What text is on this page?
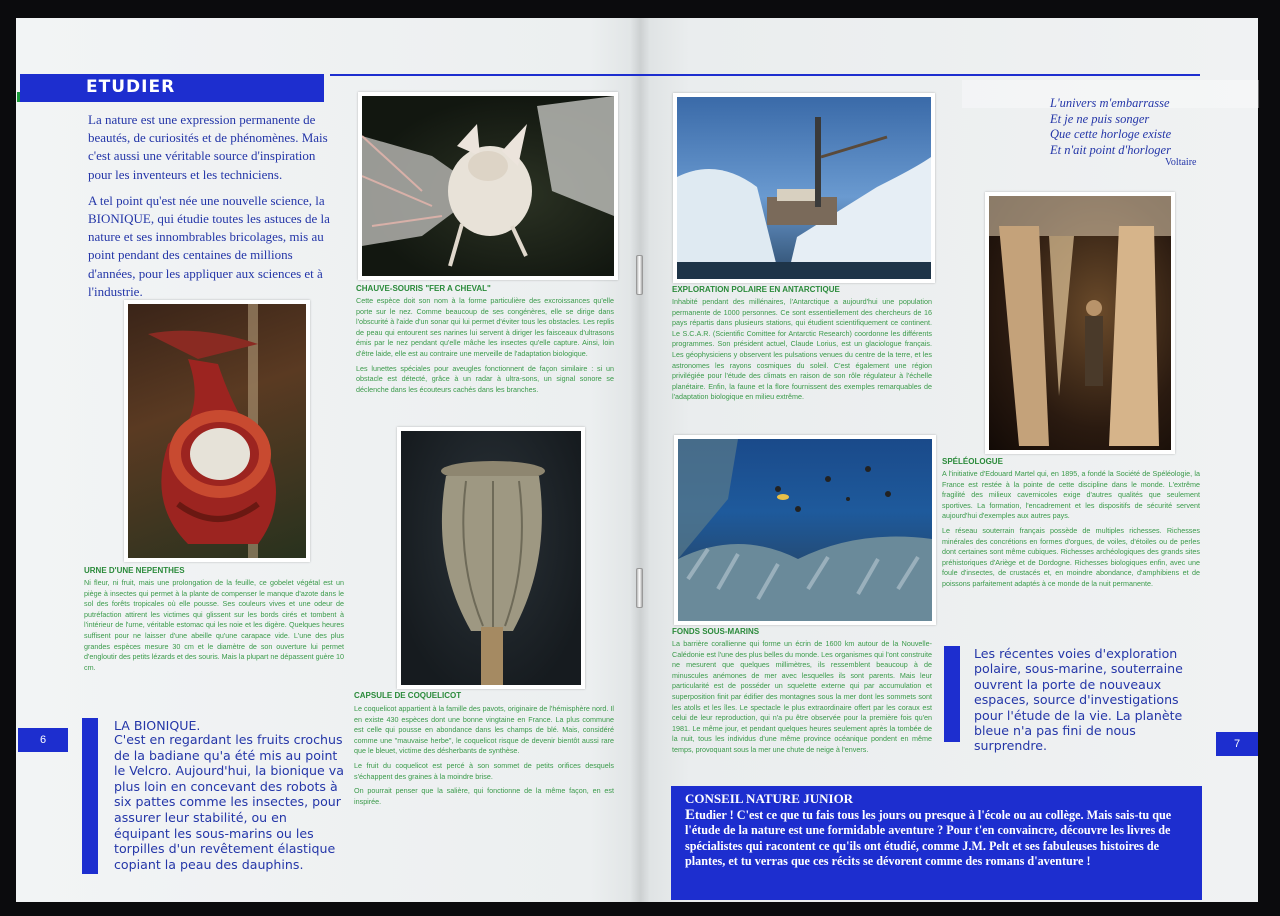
ETUDIER

La nature est une expression permanente de beautés, de curiosités et de phénomènes. Mais c'est aussi une véritable source d'inspiration pour les inventeurs et les techniciens.

A tel point qu'est née une nouvelle science, la BIONIQUE, qui étudie toutes les astuces de la nature et ses innombrables bricolages, mis au point pendant des centaines de millions d'années, pour les appliquer aux sciences et à l'industrie.	CHAUVE-SOURIS "FER A CHEVAL"

Cette espèce doit son nom à la forme particulière des excroissances qu'elle porte sur le nez. Comme beaucoup de ses congénères, elle se dirige dans l'obscurité à l'aide d'un sonar qui lui permet d'éviter tous les obstacles. Les replis de peau qui entourent ses narines lui servent à diriger les faisceaux d'ultrasons émis par le nez pendant qu'elle mâche les insectes qu'elle capture. Ainsi, loin d'être laide, elle est au contraire une merveille de l'adaptation biologique.

Les lunettes spéciales pour aveugles fonctionnent de façon similaire : si un obstacle est détecté, grâce à un radar à ultra-sons, un signal sonore se déclenche dans les écouteurs cachés dans les branches.

URNE D'UNE NEPENTHES

Ni fleur, ni fruit, mais une prolongation de la feuille, ce gobelet végétal est un piège à insectes qui permet à la plante de compenser le manque d'azote dans le sol des forêts tropicales où elle pousse. Ses couleurs vives et une odeur de putréfaction attirent les victimes qui glissent sur les bords cirés et tombent à l'intérieur de l'urne, véritable estomac qui les noie et les digère. Quelques heures suffisent pour ne laisser d'une abeille qu'une carapace vide. L'une des plus grandes espèces mesure 30 cm et le diamètre de son ouverture lui permet d'engloutir des petits lézards et des souris. Mais la plupart ne dépassent guère 10 cm.

CAPSULE DE COQUELICOT

Le coquelicot appartient à la famille des pavots, originaire de l'hémisphère nord. Il en existe 430 espèces dont une bonne vingtaine en France. La plus commune est celle qui pousse en abondance dans les champs de blé. Mais, considéré comme une "mauvaise herbe", le coquelicot risque de devenir bientôt aussi rare que le bleuet, victime des désherbants de synthèse.

Le fruit du coquelicot est percé à son sommet de petits orifices desquels s'échappent des graines à la moindre brise.

On pourrait penser que la salière, qui fonctionne de la même façon, en est inspirée.

LA BIONIQUE.
C'est en regardant les fruits crochus de la badiane qu'a été mis au point le Velcro. Aujourd'hui, la bionique va plus loin en concevant des robots à six pattes comme les insectes, pour assurer leur stabilité, ou en équipant les sous-marins ou les torpilles d'un revêtement élastique copiant la peau des dauphins.
6
L'univers m'embarrasse
Et je ne puis songer
Que cette horloge existe
Et n'ait point d'horloger
Voltaire
EXPLORATION POLAIRE EN ANTARCTIQUE

Inhabité pendant des millénaires, l'Antarctique a aujourd'hui une population permanente de 1000 personnes. Ce sont essentiellement des chercheurs de 16 pays répartis dans plusieurs stations, qui étudient scientifiquement ce continent. Le S.C.A.R. (Scientific Comittee for Antarctic Research) coordonne les différents programmes. Son président actuel, Claude Lorius, est un glaciologue français. Les géophysiciens y observent les pulsations venues du centre de la terre, et les astronomes les rayons cosmiques du soleil. C'est également une région privilégiée pour l'étude des climats en raison de son rôle régulateur à l'échelle planétaire. Enfin, la faune et la flore fournissent des exemples remarquables de l'adaptation biologique en milieu extrême.

SPÉLÉOLOGUE

A l'initiative d'Edouard Martel qui, en 1895, a fondé la Société de Spéléologie, la France est restée à la pointe de cette discipline dans le monde. L'extrême fragilité des milieux cavernicoles exige d'autres qualités que seulement sportives. La formation, l'encadrement et les dispositifs de sécurité servent aujourd'hui d'exemples aux autres pays.

Le réseau souterrain français possède de multiples richesses. Richesses minérales des concrétions en formes d'orgues, de voiles, d'étoiles ou de perles dont certaines sont même cubiques. Richesses archéologiques des grands sites préhistoriques d'Ariège et de Dordogne. Richesses biologiques enfin, avec une foule d'insectes, de crustacés et, en moindre abondance, d'amphibiens et de poissons parfaitement adaptés à ce monde de la nuit permanente.

FONDS SOUS-MARINS

La barrière corallienne qui forme un écrin de 1600 km autour de la Nouvelle-Calédonie est l'une des plus belles du monde. Les organismes qui l'ont construite ne mesurent que quelques millimètres, ils ressemblent beaucoup à de minuscules anémones de mer avec lesquelles ils sont parents. Mais leur particularité est de posséder un squelette externe qui par accumulation et superposition finit par édifier des montagnes sous la mer dont les sommets sont les atolls et les îles. Le spectacle le plus extraordinaire offert par les coraux est celui de leur reproduction, qui n'a pu être observée pour la première fois qu'en 1981. Le même jour, et pendant quelques heures seulement après la tombée de la nuit, tous les individus d'une même province océanique pondent en même temps, provoquant sous la mer une chute de neige à l'envers.

Les récentes voies d'exploration polaire, sous-marine, souterraine ouvrent la porte de nouveaux espaces, source d'investigations pour l'étude de la vie. La planète bleue n'a pas fini de nous surprendre.	7
CONSEIL NATURE JUNIOR
Etudier ! C'est ce que tu fais tous les jours ou presque à l'école ou au collège. Mais sais-tu que l'étude de la nature est une formidable aventure ? Pour t'en convaincre, découvre les livres de spécialistes qui racontent ce qu'ils ont étudié, comme J.M. Pelt et ses fabuleuses histoires de plantes, et tu verras que ces récits se dévorent comme des romans d'aventure !
